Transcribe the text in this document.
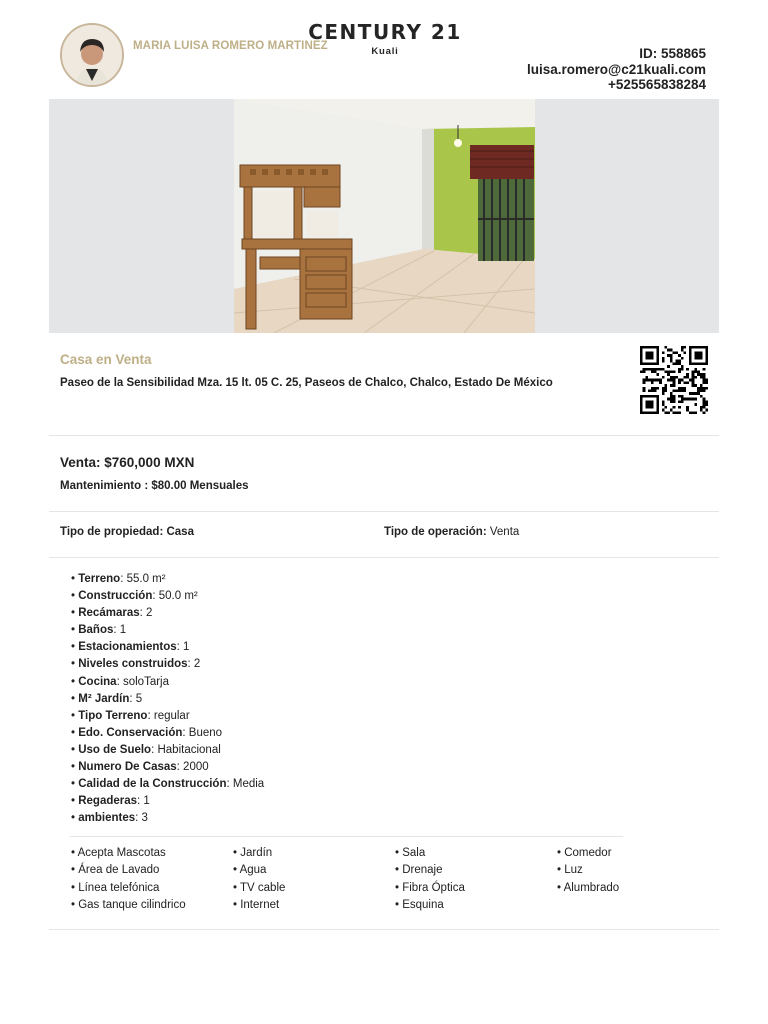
MARIA LUISA ROMERO MARTINEZ
CENTURY 21
Kuali	ID: 558865
luisa.romero@c21kuali.com
+525565838284
Casa en Venta
Paseo de la Sensibilidad Mza. 15 lt. 05 C. 25, Paseos de Chalco, Chalco, Estado De México
Venta: $760,000 MXN
Mantenimiento : $80.00 Mensuales
Tipo de propiedad: Casa	Tipo de operación: Venta
• Terreno: 55.0 m²
• Construcción: 50.0 m²
• Recámaras: 2
• Baños: 1
• Estacionamientos: 1
• Niveles construidos: 2
• Cocina: soloTarja
• M² Jardín: 5
• Tipo Terreno: regular
• Edo. Conservación: Bueno
• Uso de Suelo: Habitacional
• Numero De Casas: 2000
• Calidad de la Construcción: Media
• Regaderas: 1
• ambientes: 3
• Acepta Mascotas
• Área de Lavado
• Línea telefónica
• Gas tanque cilindrico
• Jardín
• Agua
• TV cable
• Internet
• Sala
• Drenaje
• Fibra Óptica
• Esquina
• Comedor
• Luz
• Alumbrado
